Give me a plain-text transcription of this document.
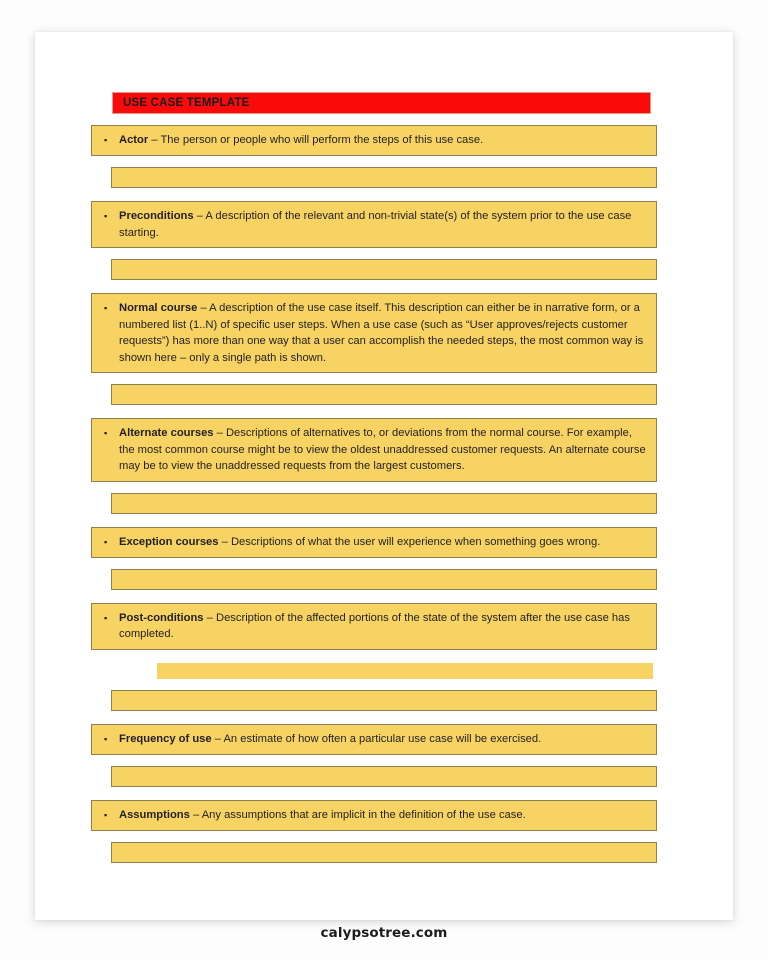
USE CASE TEMPLATE
▪	Actor – The person or people who will perform the steps of this use case.
▪	Preconditions – A description of the relevant and non-trivial state(s) of the system prior to the use case starting.
▪	Normal course – A description of the use case itself. This description can either be in narrative form, or a numbered list (1..N) of specific user steps. When a use case (such as “User approves/rejects customer requests”) has more than one way that a user can accomplish the needed steps, the most common way is shown here – only a single path is shown.
▪	Alternate courses – Descriptions of alternatives to, or deviations from the normal course. For example, the most common course might be to view the oldest unaddressed customer requests. An alternate course may be to view the unaddressed requests from the largest customers.
▪	Exception courses – Descriptions of what the user will experience when something goes wrong.
▪	Post-conditions – Description of the affected portions of the state of the system after the use case has completed.
▪	Frequency of use – An estimate of how often a particular use case will be exercised.
▪	Assumptions – Any assumptions that are implicit in the definition of the use case.
calypsotree.com
